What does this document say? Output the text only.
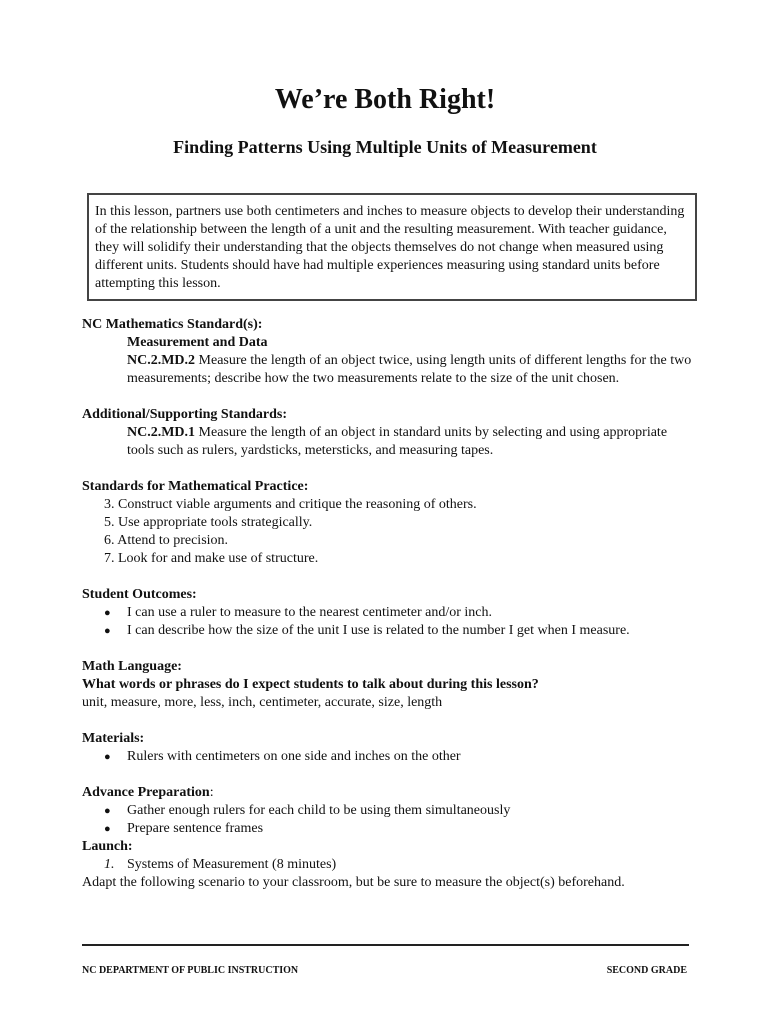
We’re Both Right!
Finding Patterns Using Multiple Units of Measurement
In this lesson, partners use both centimeters and inches to measure objects to develop their understanding of the relationship between the length of a unit and the resulting measurement. With teacher guidance, they will solidify their understanding that the objects themselves do not change when measured using different units. Students should have had multiple experiences measuring using standard units before attempting this lesson.
NC Mathematics Standard(s):
Measurement and Data
NC.2.MD.2 Measure the length of an object twice, using length units of different lengths for the two measurements; describe how the two measurements relate to the size of the unit chosen.
Additional/Supporting Standards:
NC.2.MD.1 Measure the length of an object in standard units by selecting and using appropriate tools such as rulers, yardsticks, metersticks, and measuring tapes.
Standards for Mathematical Practice:
3. Construct viable arguments and critique the reasoning of others.
5. Use appropriate tools strategically.
6. Attend to precision.
7. Look for and make use of structure.
Student Outcomes:
● I can use a ruler to measure to the nearest centimeter and/or inch.
● I can describe how the size of the unit I use is related to the number I get when I measure.
Math Language:
What words or phrases do I expect students to talk about during this lesson?
unit, measure, more, less, inch, centimeter, accurate, size, length
Materials:
● Rulers with centimeters on one side and inches on the other
Advance Preparation:
● Gather enough rulers for each child to be using them simultaneously
● Prepare sentence frames
Launch:
1. Systems of Measurement (8 minutes)
Adapt the following scenario to your classroom, but be sure to measure the object(s) beforehand.
NC DEPARTMENT OF PUBLIC INSTRUCTION	SECOND GRADE
